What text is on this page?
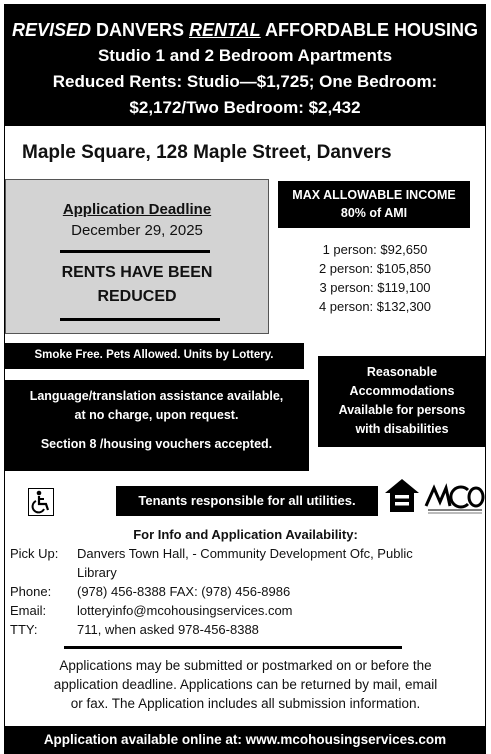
REVISED DANVERS RENTAL AFFORDABLE HOUSING
Studio 1 and 2 Bedroom Apartments
Reduced Rents: Studio—$1,725; One Bedroom:
$2,172/Two Bedroom: $2,432
Maple Square, 128 Maple Street, Danvers
Application Deadline
December 29, 2025
RENTS HAVE BEEN
REDUCED
MAX ALLOWABLE INCOME
80% of AMI
1 person: $92,650
2 person: $105,850
3 person: $119,100
4 person: $132,300
Smoke Free. Pets Allowed. Units by Lottery.
Reasonable
Accommodations
Available for persons
with disabilities
Language/translation assistance available,
at no charge, upon request.
Section 8 /housing vouchers accepted.
Tenants responsible for all utilities.
For Info and Application Availability:
Pick Up: Danvers Town Hall, - Community Development Ofc, Public
Library
Phone: (978) 456-8388 FAX: (978) 456-8986
Email: lotteryinfo@mcohousingservices.com
TTY:	711, when asked 978-456-8388
Applications may be submitted or postmarked on or before the
application deadline. Applications can be returned by mail, email
or fax. The Application includes all submission information.
Application available online at: www.mcohousingservices.com
